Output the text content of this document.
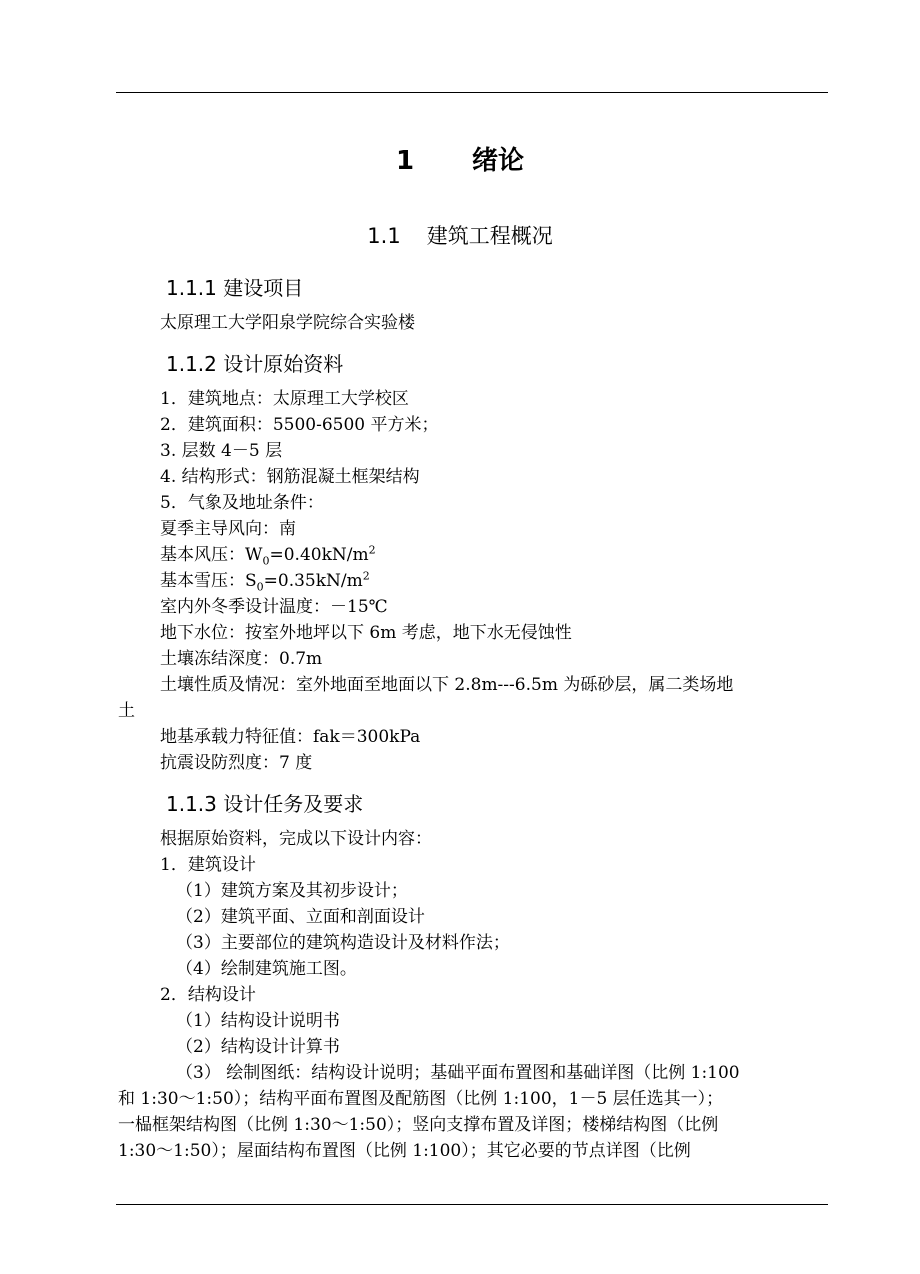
1 绪论
1.1 建筑工程概况
1.1.1 建设项目
太原理工大学阳泉学院综合实验楼
1.1.2 设计原始资料
1．建筑地点：太原理工大学校区
2．建筑面积：5500-6500 平方米；
3. 层数 4－5 层
4. 结构形式：钢筋混凝土框架结构
5．气象及地址条件：
夏季主导风向：南
基本风压：$W_0=0.40kN/m^2$
基本雪压：$S_0=0.35kN/m^2$
室内外冬季设计温度：－15℃
地下水位：按室外地坪以下 6m 考虑，地下水无侵蚀性
土壤冻结深度：0.7m
土壤性质及情况：室外地面至地面以下 2.8m---6.5m 为砾砂层，属二类场地
土
地基承载力特征值：fak＝300kPa
抗震设防烈度：7 度
1.1.3 设计任务及要求
根据原始资料，完成以下设计内容：
1．建筑设计
（1）建筑方案及其初步设计；
（2）建筑平面、立面和剖面设计
（3）主要部位的建筑构造设计及材料作法；
（4）绘制建筑施工图。
2．结构设计
（1）结构设计说明书
（2）结构设计计算书
（3） 绘制图纸：结构设计说明；基础平面布置图和基础详图（比例 1:100
和 1:30～1:50）；结构平面布置图及配筋图（比例 1:100，1－5 层任选其一）；
一榀框架结构图（比例 1:30～1:50）；竖向支撑布置及详图；楼梯结构图（比例
1:30～1:50）；屋面结构布置图（比例 1:100）；其它必要的节点详图（比例
